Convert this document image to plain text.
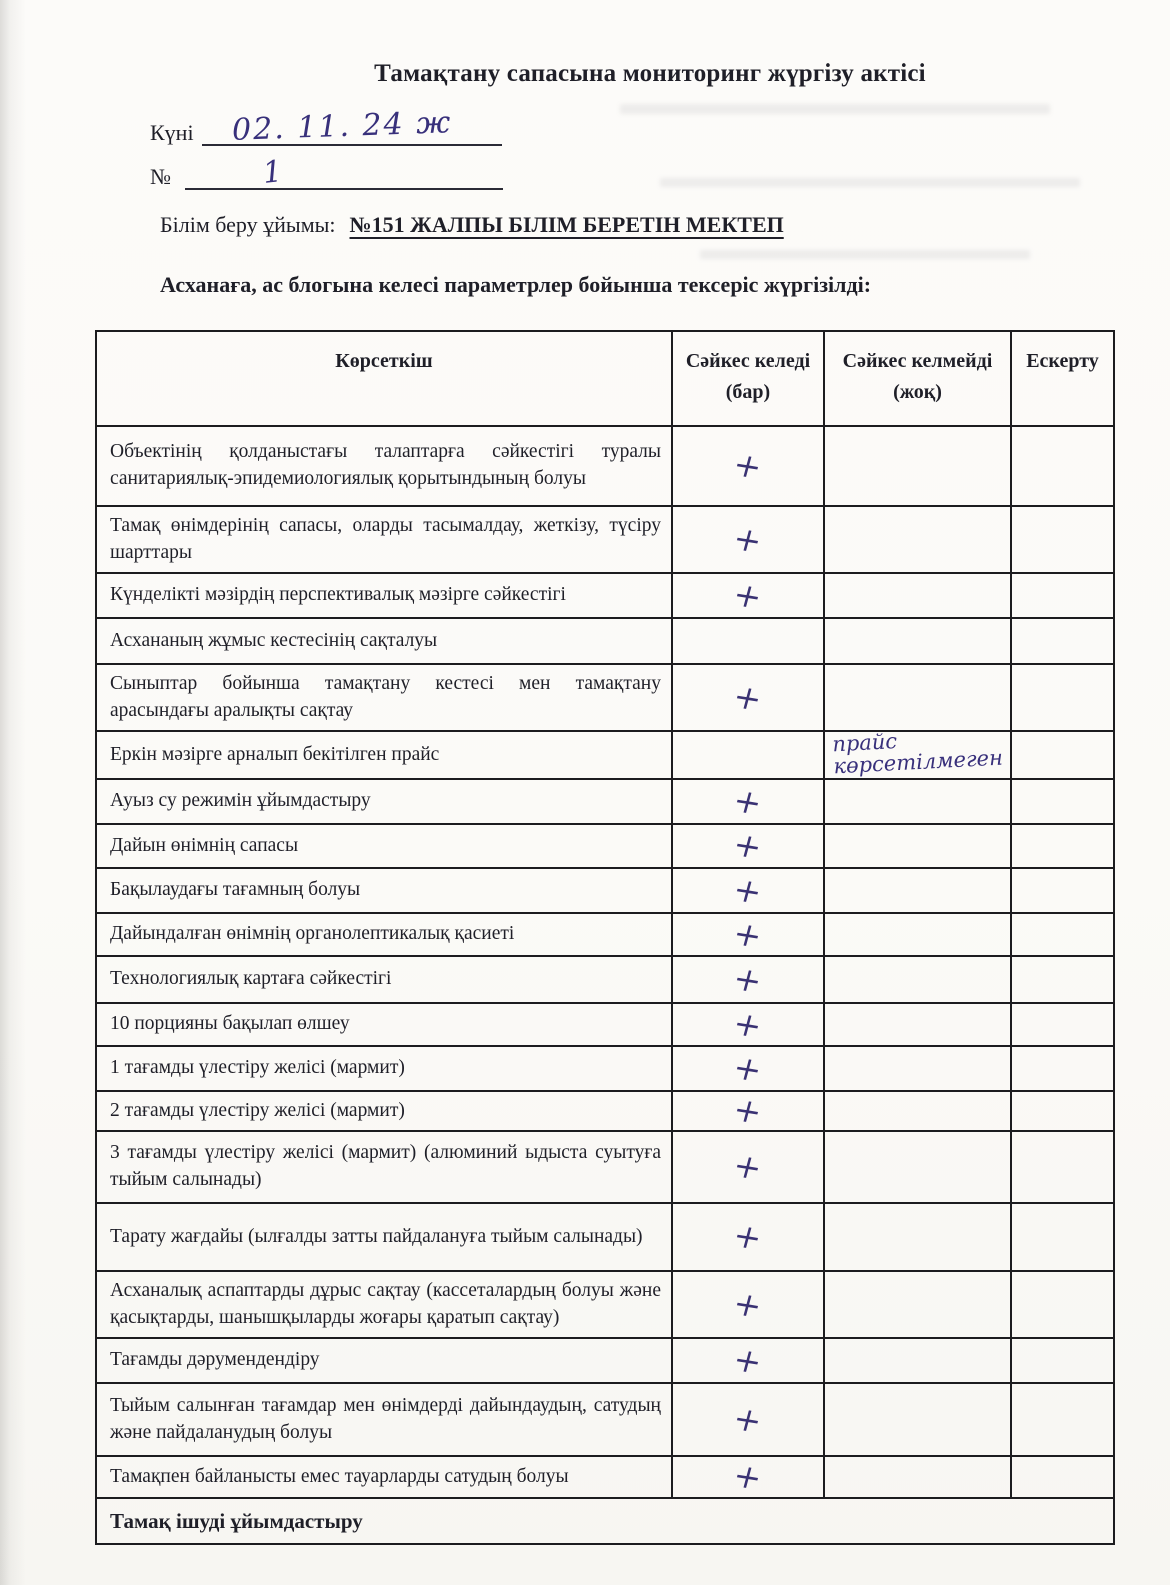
Тамақтану сапасына мониторинг жүргізу актісі
Күні 02. 11. 24 ж
№	1
Білім беру ұйымы: №151 ЖАЛПЫ БІЛІМ БЕРЕТІН МЕКТЕП
Асханаға, ас блогына келесі параметрлер бойынша тексеріс жүргізілді:
Көрсеткіш	Сәйкес келеді (бар)	Сәйкес келмейді (жоқ)	Ескерту
Объектінің қолданыстағы талаптарға сәйкестігі туралы санитариялық-эпидемиологиялық қорытындының болуы	+	

Тамақ өнімдерінің сапасы, оларды тасымалдау, жеткізу, түсіру шарттары	+	

Күнделікті мәзірдің перспективалық мәзірге сәйкестігі	+	

Асхананың жұмыс кестесінің сақталуы		

Сыныптар бойынша тамақтану кестесі мен тамақтану арасындағы аралықты сақтау	+	

Еркін мәзірге арналып бекітілген прайс		прайс көрсетілмеген	

Ауыз су режимін ұйымдастыру	+	

Дайын өнімнің сапасы	+	

Бақылаудағы тағамның болуы	+	

Дайындалған өнімнің органолептикалық қасиеті	+	

Технологиялық картаға сәйкестігі	+	

10 порцияны бақылап өлшеу	+	

1 тағамды үлестіру желісі (мармит)	+	

2 тағамды үлестіру желісі (мармит)	+	

3 тағамды үлестіру желісі (мармит) (алюминий ыдыста суытуға тыйым салынады)	+	

Тарату жағдайы (ылғалды затты пайдалануға тыйым салынады)	+	

Асханалық аспаптарды дұрыс сақтау (кассеталардың болуы және қасықтарды, шанышқыларды жоғары қаратып сақтау)	+	

Тағамды дәрумендендіру	+	

Тыйым салынған тағамдар мен өнімдерді дайындаудың, сатудың және пайдаланудың болуы	+	

Тамақпен байланысты емес тауарларды сатудың болуы	+	

Тамақ ішуді ұйымдастыру			
